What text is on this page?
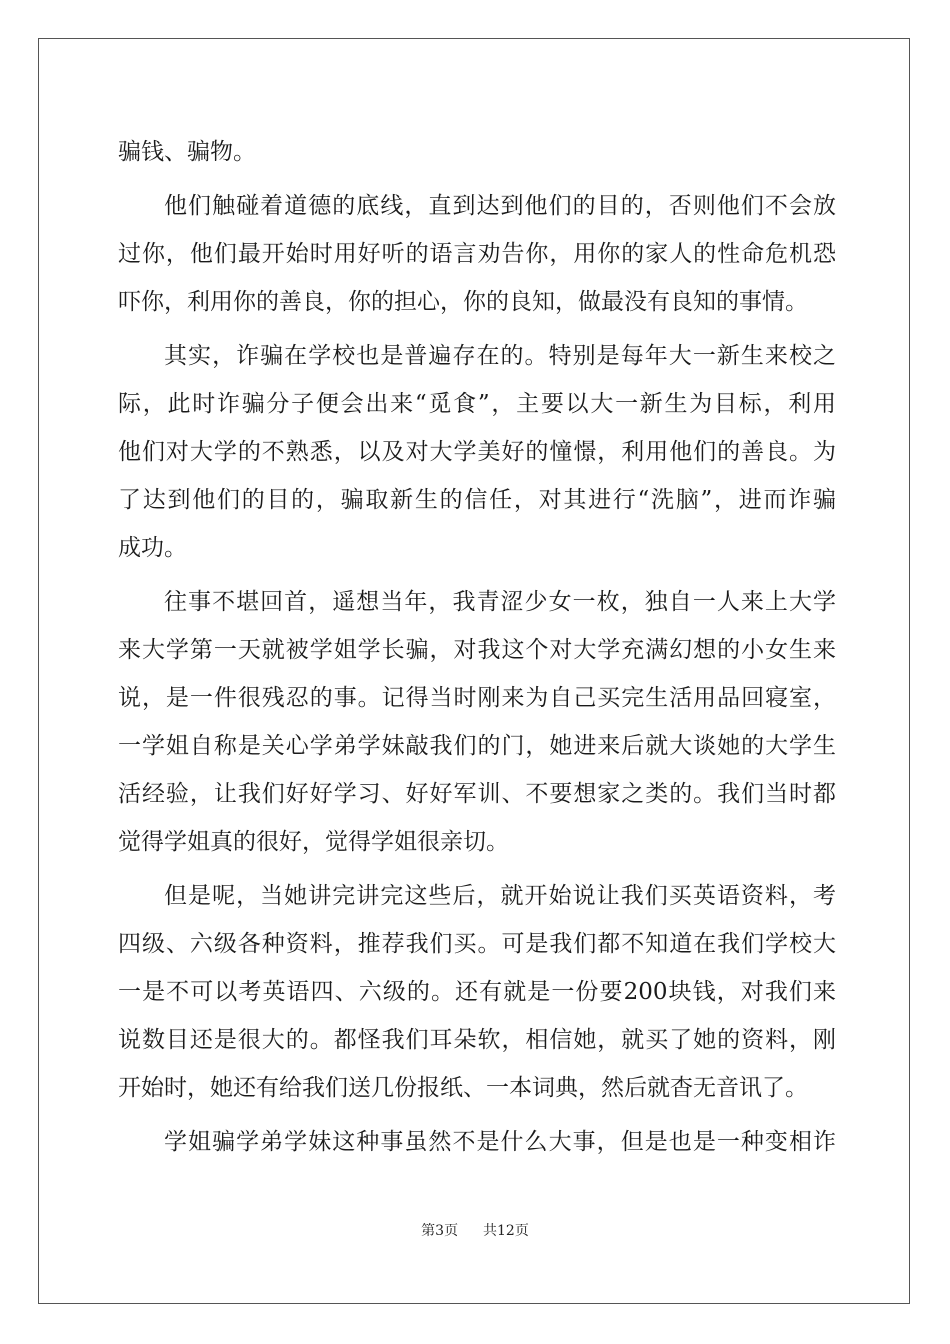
骗钱、骗物。
他们触碰着道德的底线，直到达到他们的目的，否则他们不会放
过你，他们最开始时用好听的语言劝告你，用你的家人的性命危机恐
吓你，利用你的善良，你的担心，你的良知，做最没有良知的事情。
其实，诈骗在学校也是普遍存在的。特别是每年大一新生来校之
际，此时诈骗分子便会出来“觅食”，主要以大一新生为目标，利用
他们对大学的不熟悉，以及对大学美好的憧憬，利用他们的善良。为
了达到他们的目的，骗取新生的信任，对其进行“洗脑”，进而诈骗
成功。
往事不堪回首，遥想当年，我青涩少女一枚，独自一人来上大学
来大学第一天就被学姐学长骗，对我这个对大学充满幻想的小女生来
说，是一件很残忍的事。记得当时刚来为自己买完生活用品回寝室，
一学姐自称是关心学弟学妹敲我们的门，她进来后就大谈她的大学生
活经验，让我们好好学习、好好军训、不要想家之类的。我们当时都
觉得学姐真的很好，觉得学姐很亲切。
但是呢，当她讲完讲完这些后，就开始说让我们买英语资料，考
四级、六级各种资料，推荐我们买。可是我们都不知道在我们学校大
一是不可以考英语四、六级的。还有就是一份要200块钱，对我们来
说数目还是很大的。都怪我们耳朵软，相信她，就买了她的资料，刚
开始时，她还有给我们送几份报纸、一本词典，然后就杳无音讯了。
学姐骗学弟学妹这种事虽然不是什么大事，但是也是一种变相诈
第3页 共12页
